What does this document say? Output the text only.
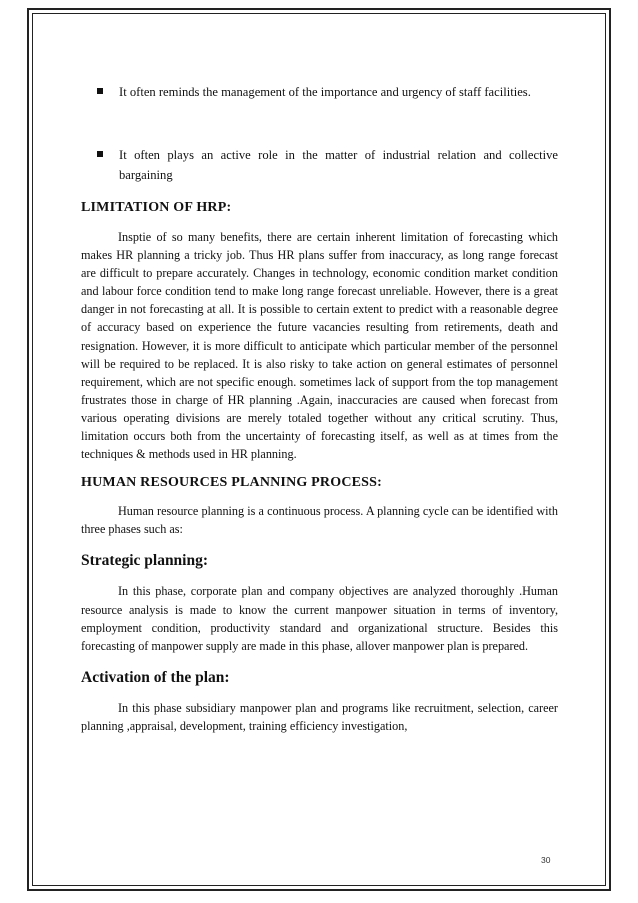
It often reminds the management of the importance and urgency of staff facilities.
It often plays an active role in the matter of industrial relation and collective bargaining
LIMITATION OF HRP:

Insptie of so many benefits, there are certain inherent limitation of forecasting which makes HR planning a tricky job. Thus HR plans suffer from inaccuracy, as long range forecast are difficult to prepare accurately. Changes in technology, economic condition market condition and labour force condition tend to make long range forecast unreliable. However, there is a great danger in not forecasting at all. It is possible to certain extent to predict with a reasonable degree of accuracy based on experience the future vacancies resulting from retirements, death and resignation. However, it is more difficult to anticipate which particular member of the personnel will be required to be replaced. It is also risky to take action on general estimates of personnel requirement, which are not specific enough. sometimes lack of support from the top management frustrates those in charge of HR planning .Again, inaccuracies are caused when forecast from various operating divisions are merely totaled together without any critical scrutiny. Thus, limitation occurs both from the uncertainty of forecasting itself, as well as at times from the techniques & methods used in HR planning.

HUMAN RESOURCES PLANNING PROCESS:

Human resource planning is a continuous process. A planning cycle can be identified with three phases such as:

Strategic planning:

In this phase, corporate plan and company objectives are analyzed thoroughly .Human resource analysis is made to know the current manpower situation in terms of inventory, employment condition, productivity standard and organizational structure. Besides this forecasting of manpower supply are made in this phase, allover manpower plan is prepared.

Activation of the plan:

In this phase subsidiary manpower plan and programs like recruitment, selection, career planning ,appraisal, development, training efficiency investigation,

30
